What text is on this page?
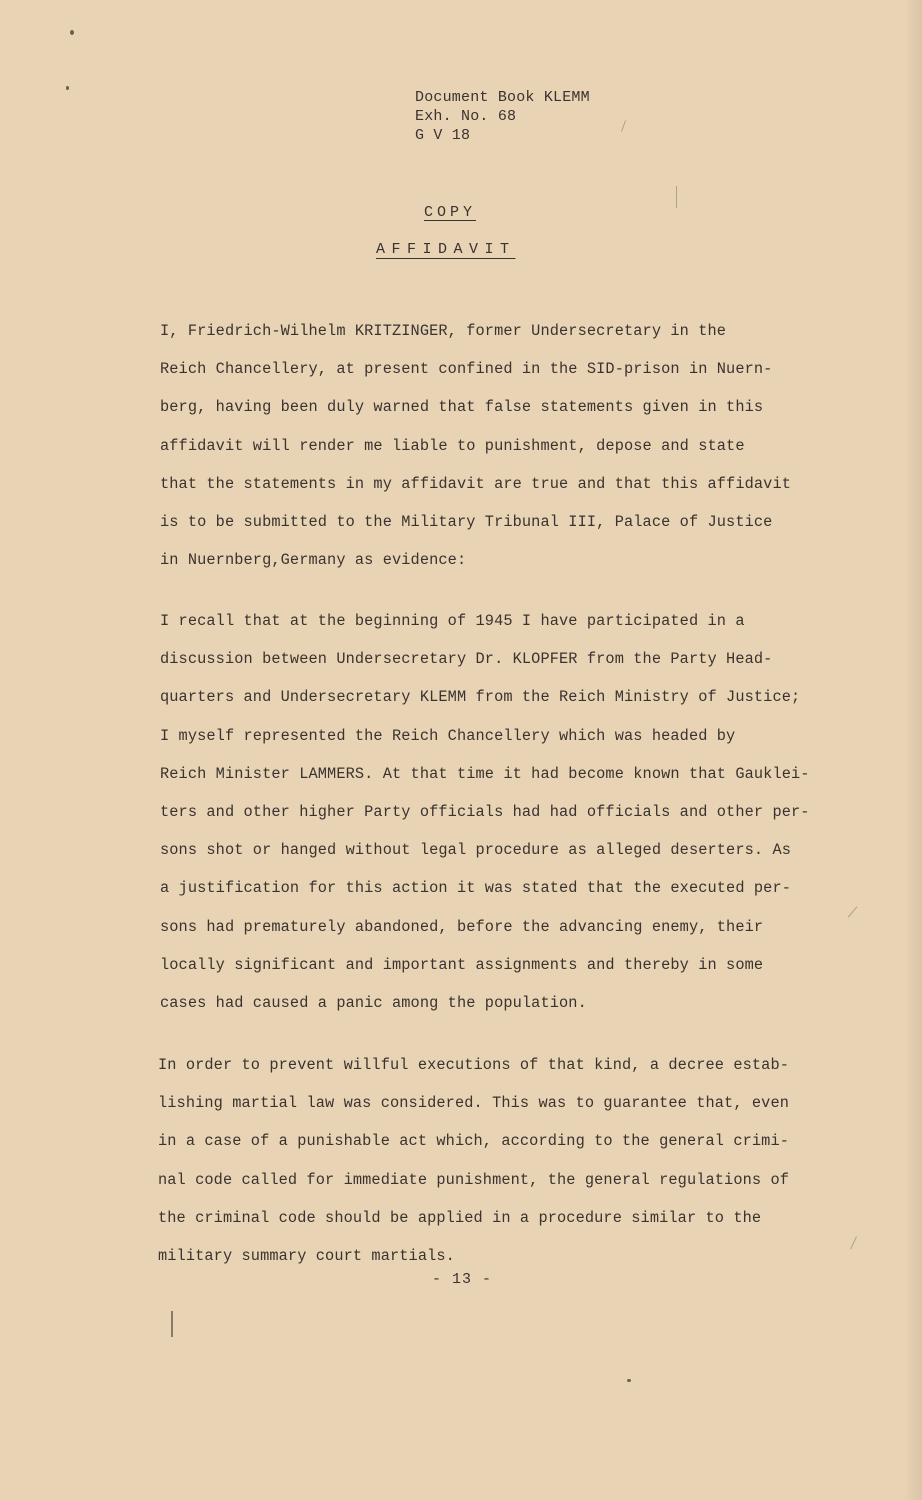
Document Book KLEMM
Exh. No. 68
G V 18
COPY
AFFIDAVIT
I, Friedrich-Wilhelm KRITZINGER, former Undersecretary in the
Reich Chancellery, at present confined in the SID-prison in Nuern-
berg, having been duly warned that false statements given in this
affidavit will render me liable to punishment, depose and state
that the statements in my affidavit are true and that this affidavit
is to be submitted to the Military Tribunal III, Palace of Justice
in Nuernberg,Germany as evidence:
I recall that at the beginning of 1945 I have participated in a
discussion between Undersecretary Dr. KLOPFER from the Party Head-
quarters and Undersecretary KLEMM from the Reich Ministry of Justice;
I myself represented the Reich Chancellery which was headed by
Reich Minister LAMMERS. At that time it had become known that Gauklei-
ters and other higher Party officials had had officials and other per-
sons shot or hanged without legal procedure as alleged deserters. As
a justification for this action it was stated that the executed per-
sons had prematurely abandoned, before the advancing enemy, their
locally significant and important assignments and thereby in some
cases had caused a panic among the population.
In order to prevent willful executions of that kind, a decree estab-
lishing martial law was considered. This was to guarantee that, even
in a case of a punishable act which, according to the general crimi-
nal code called for immediate punishment, the general regulations of
the criminal code should be applied in a procedure similar to the
military summary court martials.
- 13 -
